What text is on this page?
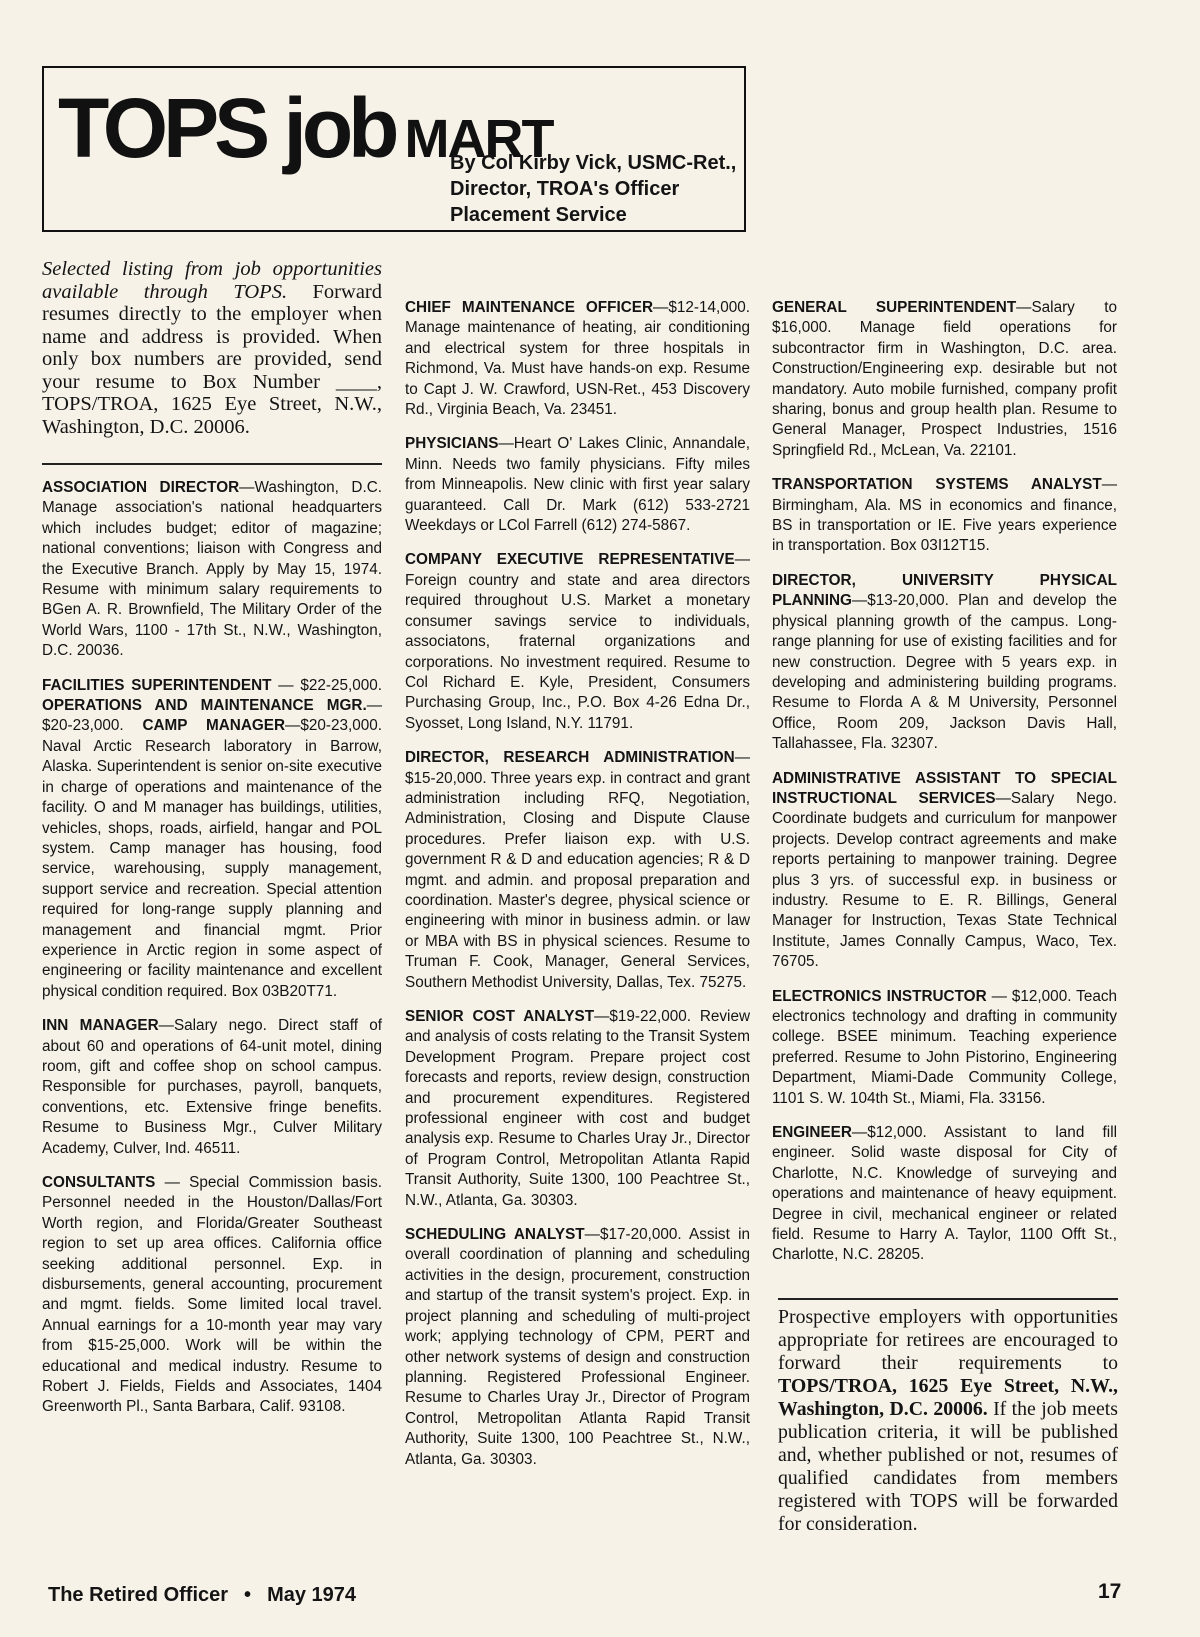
TOPS job MART
By Col Kirby Vick, USMC-Ret.,
Director, TROA's Officer
Placement Service
Selected listing from job opportunities available through TOPS. Forward resumes directly to the employer when name and address is provided. When only box numbers are provided, send your resume to Box Number ____, TOPS/TROA, 1625 Eye Street, N.W., Washington, D.C. 20006.
ASSOCIATION DIRECTOR—Washington, D.C. Manage association's national headquarters which includes budget; editor of magazine; national conventions; liaison with Congress and the Executive Branch. Apply by May 15, 1974. Resume with minimum salary requirements to BGen A. R. Brownfield, The Military Order of the World Wars, 1100 - 17th St., N.W., Washington, D.C. 20036.
FACILITIES SUPERINTENDENT — $22-25,000. OPERATIONS AND MAINTENANCE MGR.—$20-23,000. CAMP MANAGER—$20-23,000. Naval Arctic Research laboratory in Barrow, Alaska. Superintendent is senior on-site executive in charge of operations and maintenance of the facility. O and M manager has buildings, utilities, vehicles, shops, roads, airfield, hangar and POL system. Camp manager has housing, food service, warehousing, supply management, support service and recreation. Special attention required for long-range supply planning and management and financial mgmt. Prior experience in Arctic region in some aspect of engineering or facility maintenance and excellent physical condition required. Box 03B20T71.
INN MANAGER—Salary nego. Direct staff of about 60 and operations of 64-unit motel, dining room, gift and coffee shop on school campus. Responsible for purchases, payroll, banquets, conventions, etc. Extensive fringe benefits. Resume to Business Mgr., Culver Military Academy, Culver, Ind. 46511.
CONSULTANTS — Special Commission basis. Personnel needed in the Houston/Dallas/Fort Worth region, and Florida/Greater Southeast region to set up area offices. California office seeking additional personnel. Exp. in disbursements, general accounting, procurement and mgmt. fields. Some limited local travel. Annual earnings for a 10-month year may vary from $15-25,000. Work will be within the educational and medical industry. Resume to Robert J. Fields, Fields and Associates, 1404 Greenworth Pl., Santa Barbara, Calif. 93108.
CHIEF MAINTENANCE OFFICER—$12-14,000. Manage maintenance of heating, air conditioning and electrical system for three hospitals in Richmond, Va. Must have hands-on exp. Resume to Capt J. W. Crawford, USN-Ret., 453 Discovery Rd., Virginia Beach, Va. 23451.
PHYSICIANS—Heart O' Lakes Clinic, Annandale, Minn. Needs two family physicians. Fifty miles from Minneapolis. New clinic with first year salary guaranteed. Call Dr. Mark (612) 533-2721 Weekdays or LCol Farrell (612) 274-5867.
COMPANY EXECUTIVE REPRESENTATIVE—Foreign country and state and area directors required throughout U.S. Market a monetary consumer savings service to individuals, associatons, fraternal organizations and corporations. No investment required. Resume to Col Richard E. Kyle, President, Consumers Purchasing Group, Inc., P.O. Box 4-26 Edna Dr., Syosset, Long Island, N.Y. 11791.
DIRECTOR, RESEARCH ADMINISTRATION—$15-20,000. Three years exp. in contract and grant administration including RFQ, Negotiation, Administration, Closing and Dispute Clause procedures. Prefer liaison exp. with U.S. government R & D and education agencies; R & D mgmt. and admin. and proposal preparation and coordination. Master's degree, physical science or engineering with minor in business admin. or law or MBA with BS in physical sciences. Resume to Truman F. Cook, Manager, General Services, Southern Methodist University, Dallas, Tex. 75275.
SENIOR COST ANALYST—$19-22,000. Review and analysis of costs relating to the Transit System Development Program. Prepare project cost forecasts and reports, review design, construction and procurement expenditures. Registered professional engineer with cost and budget analysis exp. Resume to Charles Uray Jr., Director of Program Control, Metropolitan Atlanta Rapid Transit Authority, Suite 1300, 100 Peachtree St., N.W., Atlanta, Ga. 30303.
SCHEDULING ANALYST—$17-20,000. Assist in overall coordination of planning and scheduling activities in the design, procurement, construction and startup of the transit system's project. Exp. in project planning and scheduling of multi-project work; applying technology of CPM, PERT and other network systems of design and construction planning. Registered Professional Engineer. Resume to Charles Uray Jr., Director of Program Control, Metropolitan Atlanta Rapid Transit Authority, Suite 1300, 100 Peachtree St., N.W., Atlanta, Ga. 30303.
GENERAL SUPERINTENDENT—Salary to $16,000. Manage field operations for subcontractor firm in Washington, D.C. area. Construction/Engineering exp. desirable but not mandatory. Auto mobile furnished, company profit sharing, bonus and group health plan. Resume to General Manager, Prospect Industries, 1516 Springfield Rd., McLean, Va. 22101.
TRANSPORTATION SYSTEMS ANALYST—Birmingham, Ala. MS in economics and finance, BS in transportation or IE. Five years experience in transportation. Box 03I12T15.
DIRECTOR, UNIVERSITY PHYSICAL PLANNING—$13-20,000. Plan and develop the physical planning growth of the campus. Long-range planning for use of existing facilities and for new construction. Degree with 5 years exp. in developing and administering building programs. Resume to Florda A & M University, Personnel Office, Room 209, Jackson Davis Hall, Tallahassee, Fla. 32307.
ADMINISTRATIVE ASSISTANT TO SPECIAL INSTRUCTIONAL SERVICES—Salary Nego. Coordinate budgets and curriculum for manpower projects. Develop contract agreements and make reports pertaining to manpower training. Degree plus 3 yrs. of successful exp. in business or industry. Resume to E. R. Billings, General Manager for Instruction, Texas State Technical Institute, James Connally Campus, Waco, Tex. 76705.
ELECTRONICS INSTRUCTOR — $12,000. Teach electronics technology and drafting in community college. BSEE minimum. Teaching experience preferred. Resume to John Pistorino, Engineering Department, Miami-Dade Community College, 1101 S. W. 104th St., Miami, Fla. 33156.
ENGINEER—$12,000. Assistant to land fill engineer. Solid waste disposal for City of Charlotte, N.C. Knowledge of surveying and operations and maintenance of heavy equipment. Degree in civil, mechanical engineer or related field. Resume to Harry A. Taylor, 1100 Offt St., Charlotte, N.C. 28205.
Prospective employers with opportunities appropriate for retirees are encouraged to forward their requirements to TOPS/TROA, 1625 Eye Street, N.W., Washington, D.C. 20006. If the job meets publication criteria, it will be published and, whether published or not, resumes of qualified candidates from members registered with TOPS will be forwarded for consideration.
The Retired Officer • May 1974	17
